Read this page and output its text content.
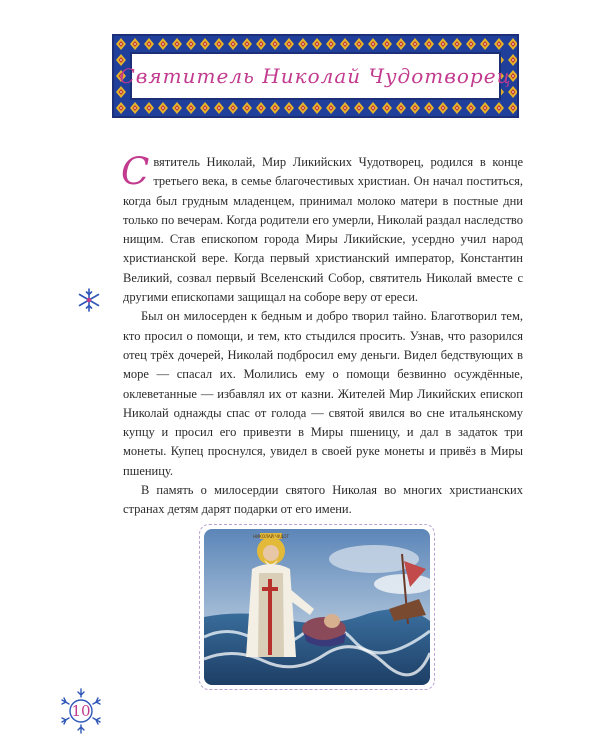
Святитель Николай Чудотворец

Святитель Николай, Мир Ликийских Чудотворец, родился в конце третьего века, в семье благочестивых христиан. Он начал поститься, когда был грудным младенцем, принимал молоко матери в постные дни только по вечерам. Когда родители его умерли, Николай раздал наследство нищим. Став епископом города Миры Ликийские, усердно учил народ христианской вере. Когда первый христианский император, Константин Великий, созвал первый Вселенский Собор, святитель Николай вместе с другими епископами защищал на соборе веру от ереси.

Был он милосерден к бедным и добро творил тайно. Благотворил тем, кто просил о помощи, и тем, кто стыдился просить. Узнав, что разорился отец трёх дочерей, Николай подбросил ему деньги. Видел бедствующих в море — спасал их. Молились ему о помощи безвинно осуждённые, оклеветанные — избавлял их от казни. Жителей Мир Ликийских епископ Николай однажды спас от голода — святой явился во сне итальянскому купцу и просил его привезти в Миры пшеницу, и дал в задаток три монеты. Купец проснулся, увидел в своей руке монеты и привёз в Миры пшеницу.

В память о милосердии святого Николая во многих христианских странах детям дарят подарки от его имени.

НИКОЛАЙ ЧУДОТ
10
